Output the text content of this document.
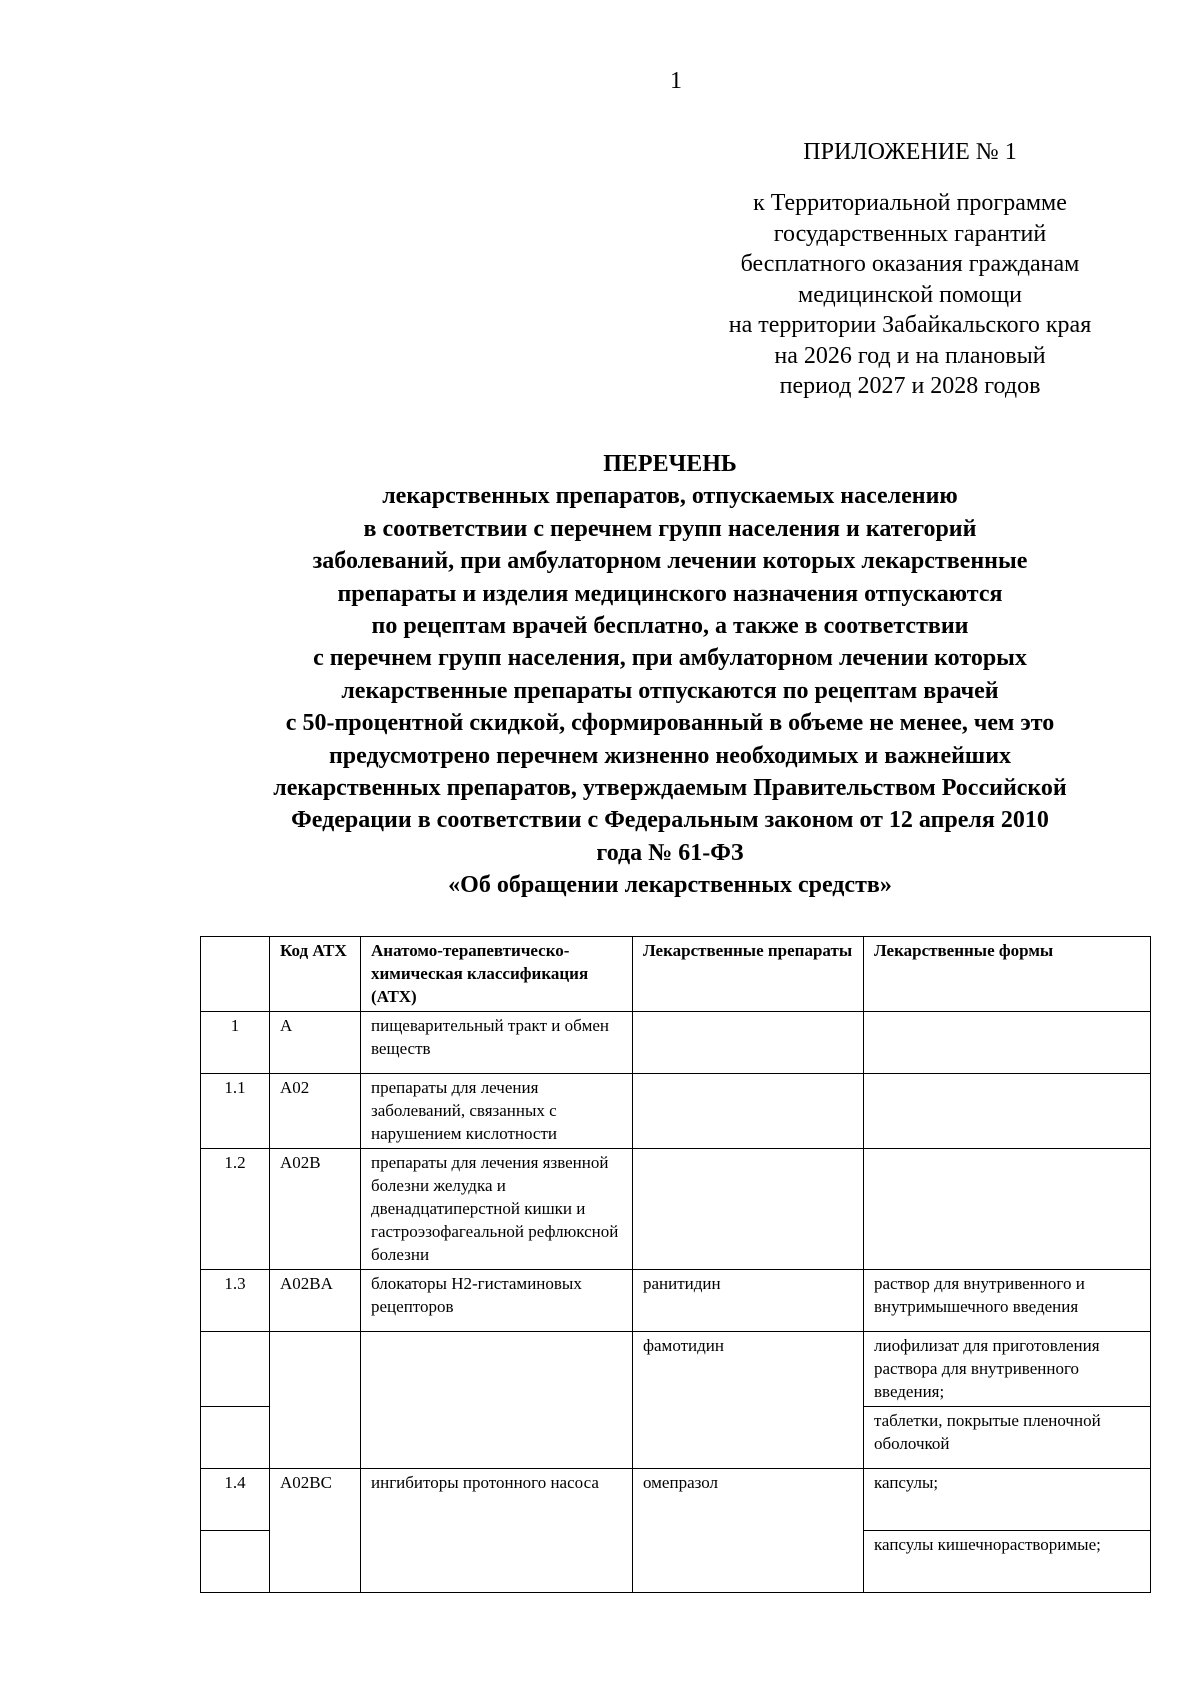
1
ПРИЛОЖЕНИЕ № 1
к Территориальной программе
государственных гарантий
бесплатного оказания гражданам
медицинской помощи
на территории Забайкальского края
на 2026 год и на плановый
период 2027 и 2028 годов
ПЕРЕЧЕНЬ
лекарственных препаратов, отпускаемых населению
в соответствии с перечнем групп населения и категорий
заболеваний, при амбулаторном лечении которых лекарственные
препараты и изделия медицинского назначения отпускаются
по рецептам врачей бесплатно, а также в соответствии
с перечнем групп населения, при амбулаторном лечении которых
лекарственные препараты отпускаются по рецептам врачей
с 50-процентной скидкой, сформированный в объеме не менее, чем это
предусмотрено перечнем жизненно необходимых и важнейших
лекарственных препаратов, утверждаемым Правительством Российской
Федерации в соответствии с Федеральным законом от 12 апреля 2010
года № 61-ФЗ
«Об обращении лекарственных средств»
	Код АТХ	Анатомо-терапевтическо-химическая классификация (АТХ)	Лекарственные препараты	Лекарственные формы
1	A	пищеварительный тракт и обмен веществ		
1.1	A02	препараты для лечения заболеваний, связанных с нарушением кислотности		
1.2	A02B	препараты для лечения язвенной болезни желудка и двенадцатиперстной кишки и гастроэзофагеальной рефлюксной болезни		
1.3	A02BA	блокаторы H2-гистаминовых рецепторов	ранитидин	раствор для внутривенного и внутримышечного введения
			фамотидин	лиофилизат для приготовления раствора для внутривенного введения;
				таблетки, покрытые пленочной оболочкой
1.4	A02BC	ингибиторы протонного насоса	омепразол	капсулы;
				капсулы кишечнорастворимые;
